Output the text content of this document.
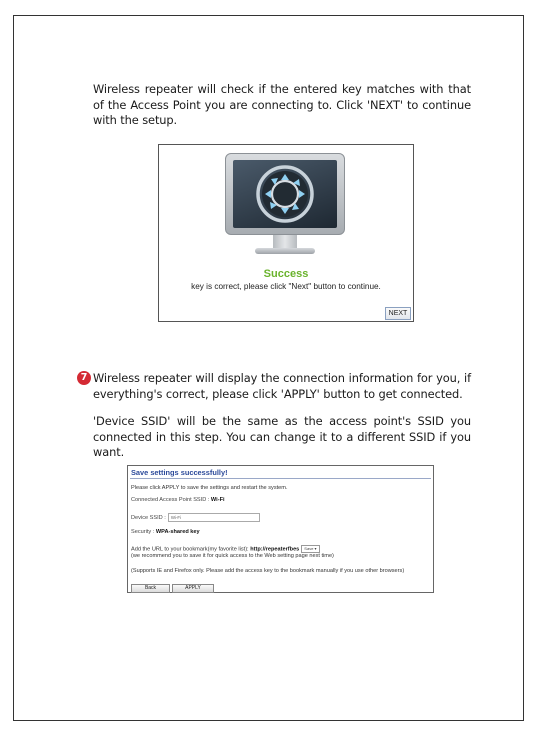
Wireless repeater will check if the entered key matches with that of the Access Point you are connecting to. Click 'NEXT' to continue with the setup.

Success
key is correct, please click "Next" button to continue.
NEXT
7 Wireless repeater will display the connection information for you, if everything's correct, please click 'APPLY' button to get connected.

'Device SSID' will be the same as the access point's SSID you connected in this step. You can change it to a different SSID if you want.

Save settings successfully!
Please click APPLY to save the settings and restart the system.
Connected Access Point SSID : Wi-Fi
Device SSID : Wi-Fi
Security : WPA-shared key
Add the URL to your bookmark(my favorite list): http://repeaterfbes Save ▾
(we recommend you to save it for quick access to the Web setting page next time)
(Supports IE and Firefox only. Please add the access key to the bookmark manually if you use other browsers)
Back	APPLY
